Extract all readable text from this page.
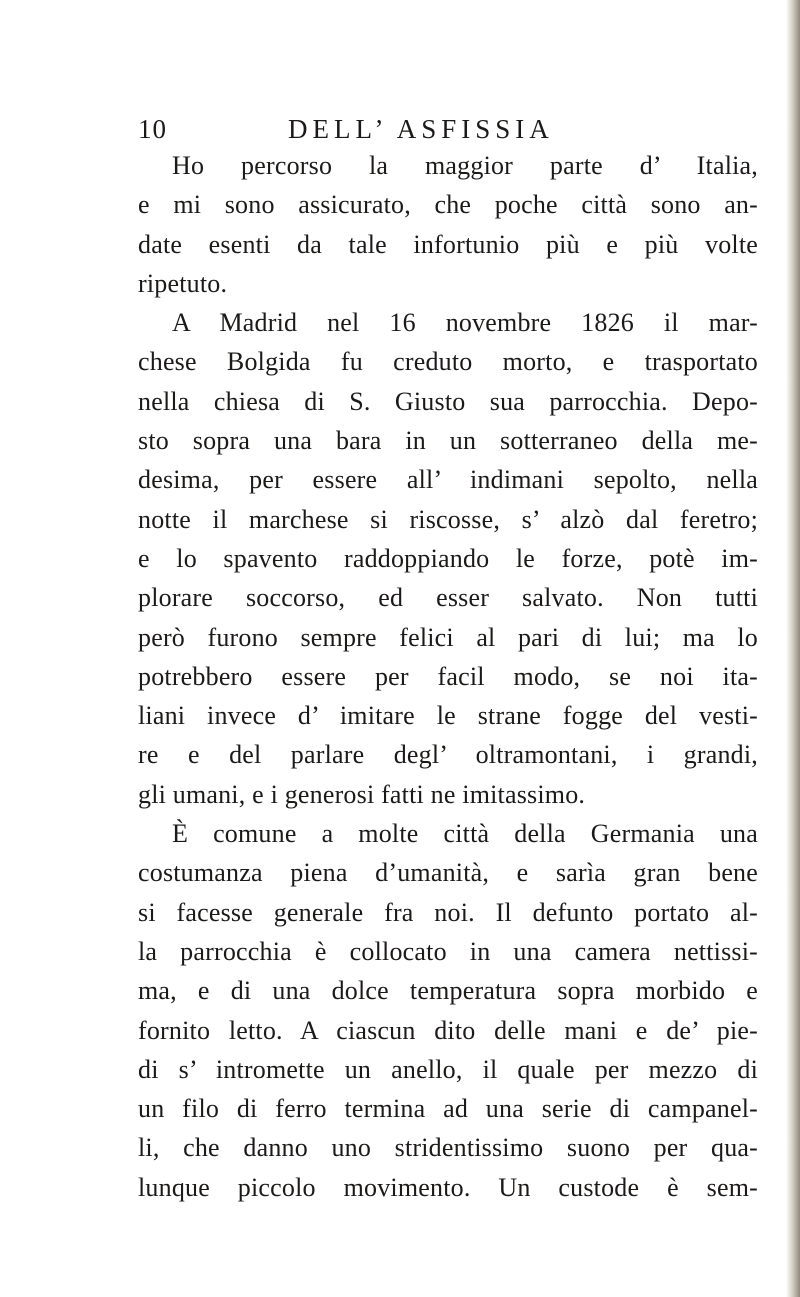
10	DELL’ ASFISSIA
Ho percorso la maggior parte d’ Italia,
e mi sono assicurato, che poche città sono an-
date esenti da tale infortunio più e più volte
ripetuto.
A Madrid nel 16 novembre 1826 il mar-
chese Bolgida fu creduto morto, e trasportato
nella chiesa di S. Giusto sua parrocchia. Depo-
sto sopra una bara in un sotterraneo della me-
desima, per essere all’ indimani sepolto, nella
notte il marchese si riscosse, s’ alzò dal feretro;
e lo spavento raddoppiando le forze, potè im-
plorare soccorso, ed esser salvato. Non tutti
però furono sempre felici al pari di lui; ma lo
potrebbero essere per facil modo, se noi ita-
liani invece d’ imitare le strane fogge del vesti-
re e del parlare degl’ oltramontani, i grandi,
gli umani, e i generosi fatti ne imitassimo.
È comune a molte città della Germania una
costumanza piena d’umanità, e sarìa gran bene
si facesse generale fra noi. Il defunto portato al-
la parrocchia è collocato in una camera nettissi-
ma, e di una dolce temperatura sopra morbido e
fornito letto. A ciascun dito delle mani e de’ pie-
di s’ intromette un anello, il quale per mezzo di
un filo di ferro termina ad una serie di campanel-
li, che danno uno stridentissimo suono per qua-
lunque piccolo movimento. Un custode è sem-
